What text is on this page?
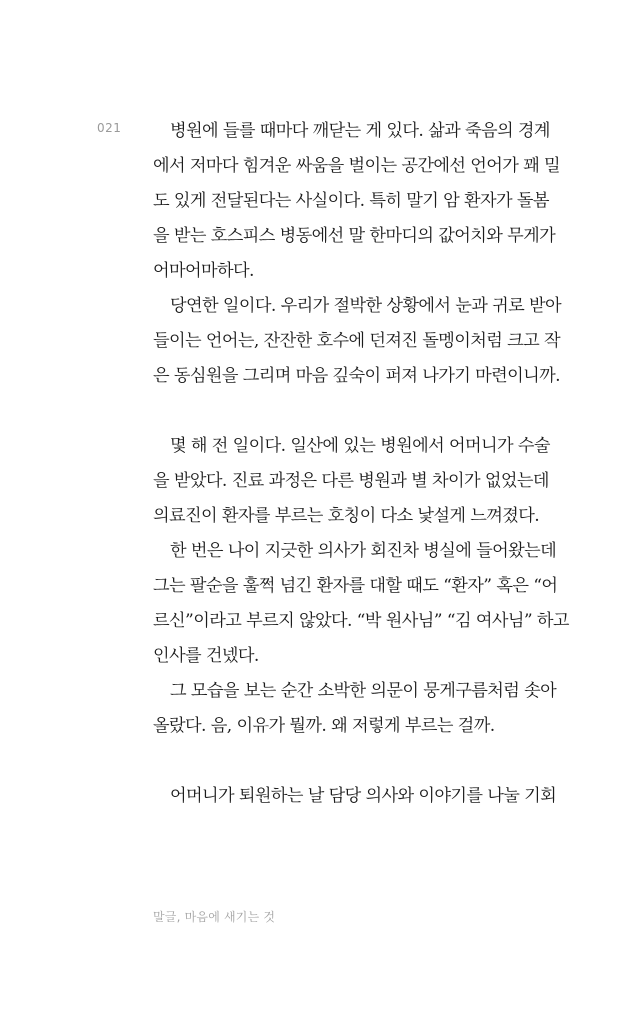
021	병원에 들를 때마다 깨닫는 게 있다. 삶과 죽음의 경계
에서 저마다 힘겨운 싸움을 벌이는 공간에선 언어가 꽤 밀
도 있게 전달된다는 사실이다. 특히 말기 암 환자가 돌봄
을 받는 호스피스 병동에선 말 한마디의 값어치와 무게가
어마어마하다.
당연한 일이다. 우리가 절박한 상황에서 눈과 귀로 받아
들이는 언어는, 잔잔한 호수에 던져진 돌멩이처럼 크고 작
은 동심원을 그리며 마음 깊숙이 퍼져 나가기 마련이니까.
몇 해 전 일이다. 일산에 있는 병원에서 어머니가 수술
을 받았다. 진료 과정은 다른 병원과 별 차이가 없었는데
의료진이 환자를 부르는 호칭이 다소 낯설게 느껴졌다.
한 번은 나이 지긋한 의사가 회진차 병실에 들어왔는데
그는 팔순을 훌쩍 넘긴 환자를 대할 때도 “환자” 혹은 “어
르신”이라고 부르지 않았다. “박 원사님” “김 여사님” 하고
인사를 건넸다.
그 모습을 보는 순간 소박한 의문이 뭉게구름처럼 솟아
올랐다. 음, 이유가 뭘까. 왜 저렇게 부르는 걸까.
어머니가 퇴원하는 날 담당 의사와 이야기를 나눌 기회
말글, 마음에 새기는 것
